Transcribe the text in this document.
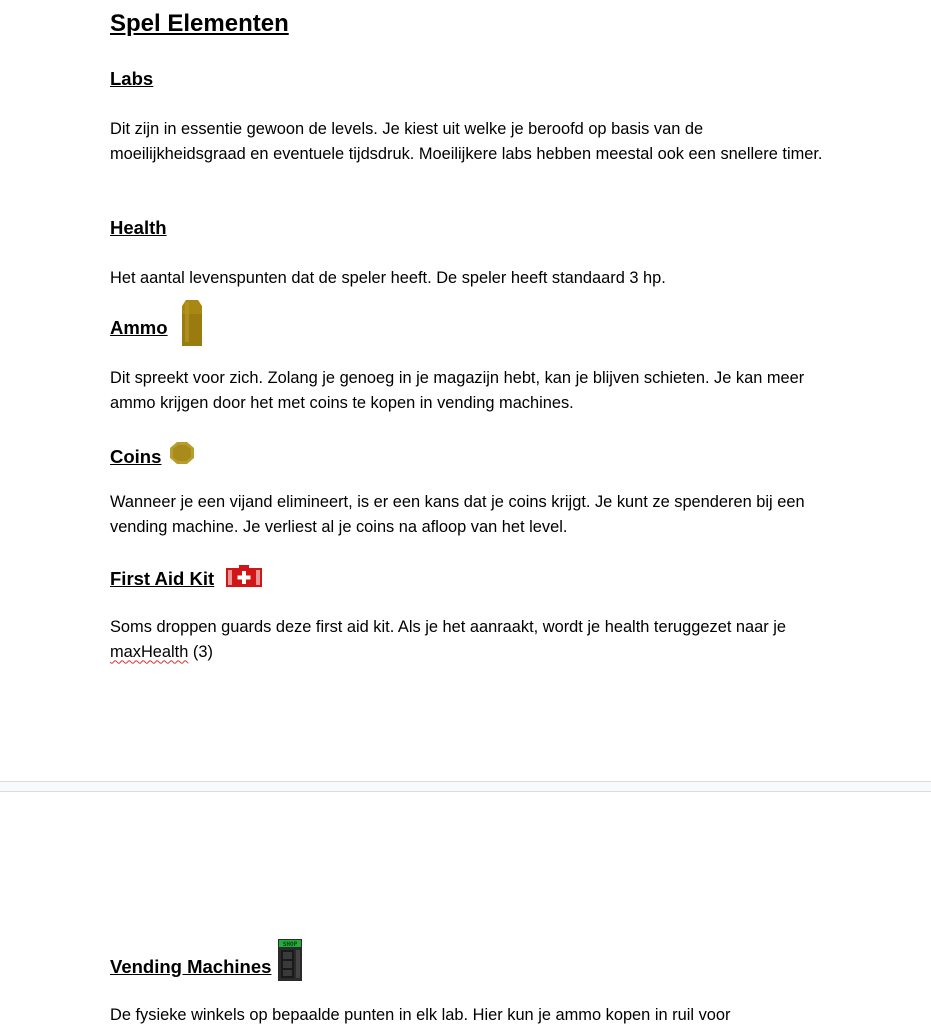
Spel Elementen
Labs
Dit zijn in essentie gewoon de levels. Je kiest uit welke je beroofd op basis van de moeilijkheidsgraad en eventuele tijdsdruk. Moeilijkere labs hebben meestal ook een snellere timer.
Health
Het aantal levenspunten dat de speler heeft. De speler heeft standaard 3 hp.
Ammo
Dit spreekt voor zich. Zolang je genoeg in je magazijn hebt, kan je blijven schieten. Je kan meer ammo krijgen door het met coins te kopen in vending machines.
Coins
Wanneer je een vijand elimineert, is er een kans dat je coins krijgt. Je kunt ze spenderen bij een vending machine. Je verliest al je coins na afloop van het level.
First Aid Kit
Soms droppen guards deze first aid kit. Als je het aanraakt, wordt je health teruggezet naar je maxHealth (3)
Vending Machines
SHOP
De fysieke winkels op bepaalde punten in elk lab. Hier kun je ammo kopen in ruil voor
